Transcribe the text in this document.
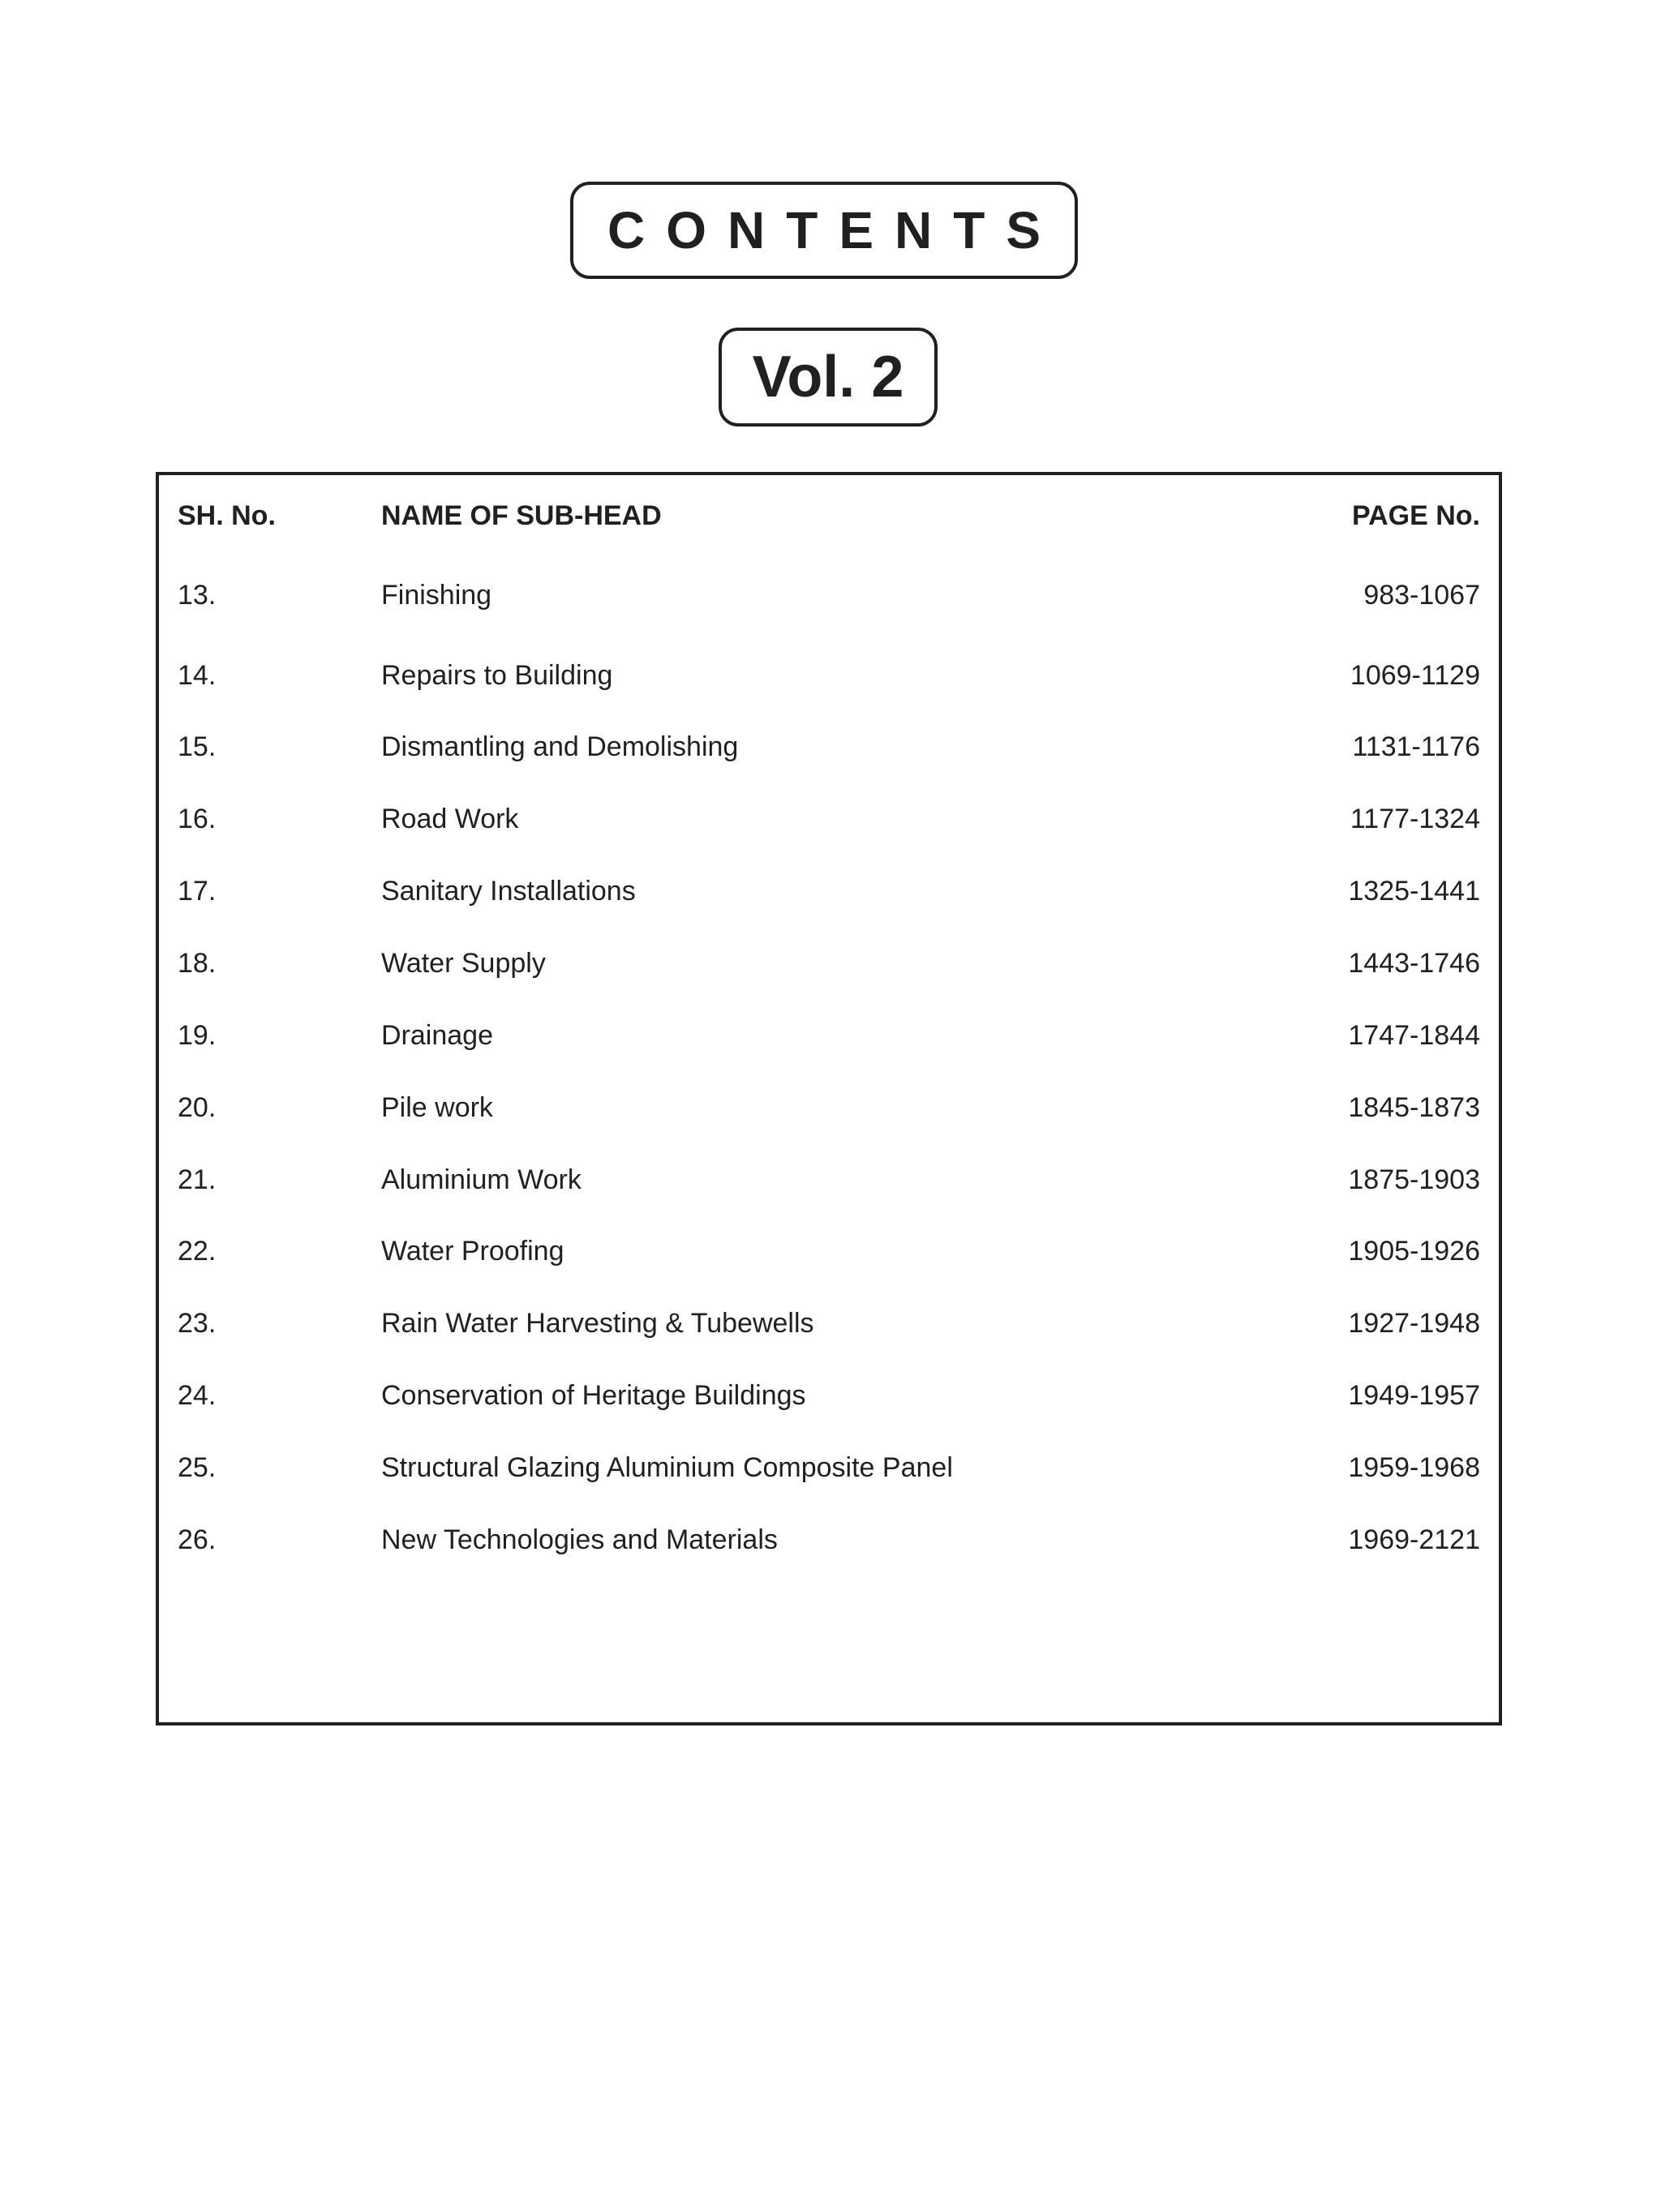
CONTENTS
Vol. 2
SH. No.	NAME OF SUB-HEAD	PAGE No.
13.	Finishing	983-1067
14.	Repairs to Building	1069-1129
15.	Dismantling and Demolishing	1131-1176
16.	Road Work	1177-1324
17.	Sanitary Installations	1325-1441
18.	Water Supply	1443-1746
19.	Drainage	1747-1844
20.	Pile work	1845-1873
21.	Aluminium Work	1875-1903
22.	Water Proofing	1905-1926
23.	Rain Water Harvesting & Tubewells	1927-1948
24.	Conservation of Heritage Buildings	1949-1957
25.	Structural Glazing Aluminium Composite Panel	1959-1968
26.	New Technologies and Materials	1969-2121
